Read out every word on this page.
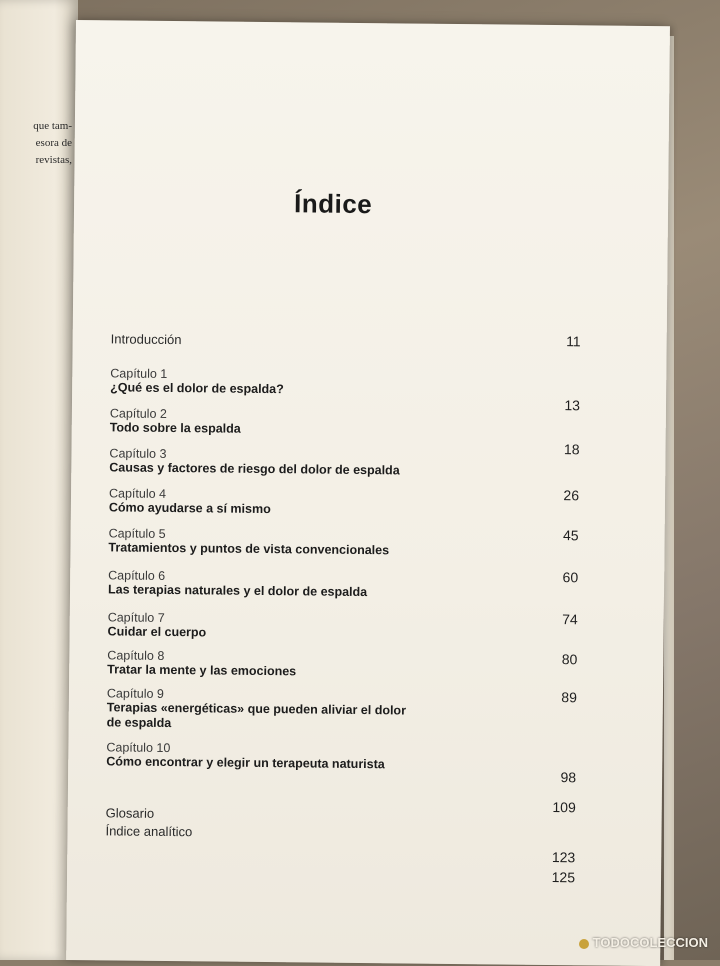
que tam-
esora de
revistas,
Índice
Introducción	11
Capítulo 1
¿Qué es el dolor de espalda?
13
Capítulo 2
Todo sobre la espalda
18
Capítulo 3
Causas y factores de riesgo del dolor de espalda
26
Capítulo 4
Cómo ayudarse a sí mismo
45
Capítulo 5
Tratamientos y puntos de vista convencionales
60
Capítulo 6
Las terapias naturales y el dolor de espalda
74
Capítulo 7
Cuidar el cuerpo
80
Capítulo 8
Tratar la mente y las emociones
89
Capítulo 9
Terapias «energéticas» que pueden aliviar el dolor de espalda
98
Capítulo 10
Cómo encontrar y elegir un terapeuta naturista
109
Glosario
123
Índice analítico
125
TODOCOLECCION
